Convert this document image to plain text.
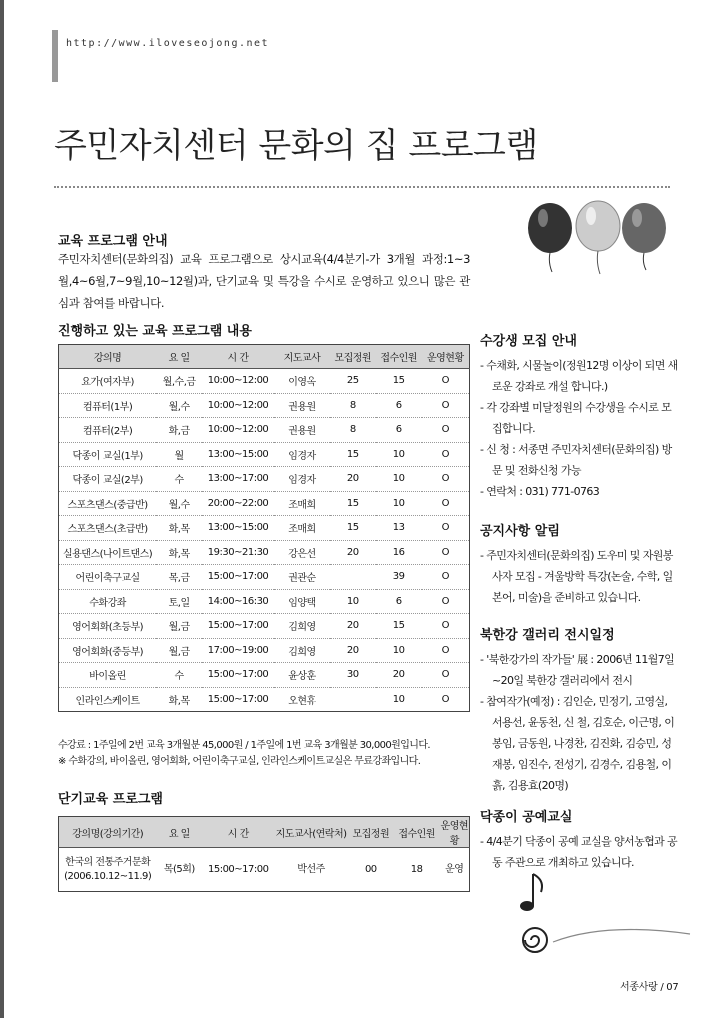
http://www.iloveseojong.net
주민자치센터 문화의 집 프로그램
교육 프로그램 안내

주민자치센터(문화의집) 교육 프로그램으로 상시교육(4/4분기-가 3개월 과정:1~3월,4~6월,7~9월,10~12월)과, 단기교육 및 특강을 수시로 운영하고 있으니 많은 관심과 참여를 바랍니다.

진행하고 있는 교육 프로그램 내용
강의명	요 일	시 간	지도교사	모집정원	접수인원	운영현황
요가(여자부)	월,수,금	10:00~12:00	이영옥	25	15	O
컴퓨터(1부)	월,수	10:00~12:00	권용원	8	6	O
컴퓨터(2부)	화,금	10:00~12:00	권용원	8	6	O
닥종이 교실(1부)	월	13:00~15:00	임경자	15	10	O
닥종이 교실(2부)	수	13:00~17:00	임경자	20	10	O
스포츠댄스(중급반)	월,수	20:00~22:00	조매희	15	10	O
스포츠댄스(초급반)	화,목	13:00~15:00	조매희	15	13	O
실용댄스(나이트댄스)	화,목	19:30~21:30	강은선	20	16	O
어린이축구교실	목,금	15:00~17:00	권관순		39	O
수화강좌	토,일	14:00~16:30	임양택	10	6	O
영어회화(초등부)	월,금	15:00~17:00	김희영	20	15	O
영어회화(중등부)	월,금	17:00~19:00	김희영	20	10	O
바이올린	수	15:00~17:00	윤상훈	30	20	O
인라인스케이트	화,목	15:00~17:00	오현휴		10	O
수강료 : 1주일에 2번 교육 3개월분 45,000원 / 1주일에 1번 교육 3개월분 30,000원입니다.
※ 수화강의, 바이올린, 영어회화, 어린이축구교실, 인라인스케이트교실은 무료강좌입니다.
단기교육 프로그램
강의명(강의기간)	요 일	시 간	지도교사(연락처)	모집정원	접수인원	운영현황

한국의 전통주거문화
(2006.10.12~11.9)	목(5회)	15:00~17:00	박선주	00	18	운영
수강생 모집 안내
- 수채화, 시물놀이(정원12명 이상이 되면 새로운 강좌로 개설 합니다.)
- 각 강좌별 미달정원의 수강생을 수시로 모집합니다.
- 신 청 : 서종면 주민자치센터(문화의집) 방문 및 전화신청 가능
- 연락처 : 031) 771-0763
공지사항 알림
- 주민자치센터(문화의집) 도우미 및 자원봉사자 모집 - 겨울방학 특강(논술, 수학, 일본어, 미술)을 준비하고 있습니다.
북한강 갤러리 전시일정
- '북한강가의 작가들' 展 : 2006년 11월7일 ~20일 북한강 갤러리에서 전시
- 참여작가(예정) : 김인순, 민정기, 고영실, 서용선, 윤동천, 신 철, 김호순, 이근명, 이봉임, 금동원, 나경찬, 김진화, 김승민, 성재봉, 임진수, 전성기, 김경수, 김용철, 이 흙, 김용효(20명)
닥종이 공예교실
- 4/4분기 닥종이 공예 교실을 양서농협과 공동 주관으로 개최하고 있습니다.
서종사랑 / 07
